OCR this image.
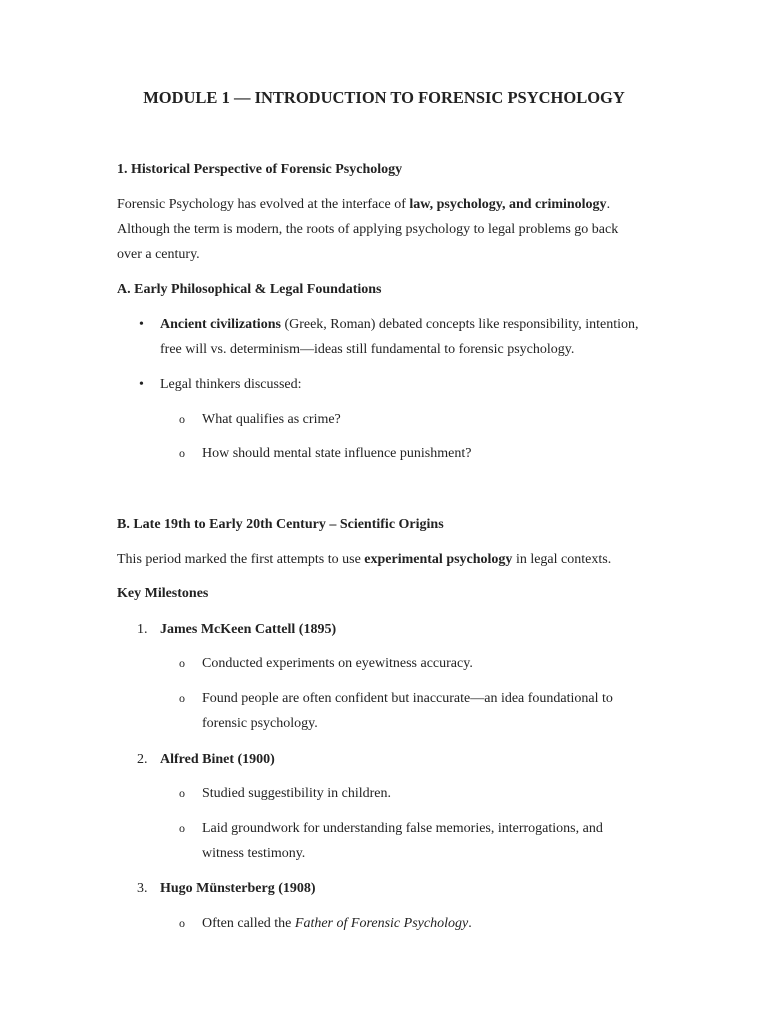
MODULE 1 — INTRODUCTION TO FORENSIC PSYCHOLOGY
1. Historical Perspective of Forensic Psychology
Forensic Psychology has evolved at the interface of law, psychology, and criminology.
Although the term is modern, the roots of applying psychology to legal problems go back
over a century.
A. Early Philosophical & Legal Foundations
• Ancient civilizations (Greek, Roman) debated concepts like responsibility, intention,
free will vs. determinism—ideas still fundamental to forensic psychology.
• Legal thinkers discussed:
o What qualifies as crime?
o How should mental state influence punishment?
B. Late 19th to Early 20th Century – Scientific Origins
This period marked the first attempts to use experimental psychology in legal contexts.
Key Milestones
1. James McKeen Cattell (1895)
o Conducted experiments on eyewitness accuracy.
o Found people are often confident but inaccurate—an idea foundational to
forensic psychology.
2. Alfred Binet (1900)
o Studied suggestibility in children.
o Laid groundwork for understanding false memories, interrogations, and
witness testimony.
3. Hugo Münsterberg (1908)
o Often called the Father of Forensic Psychology.
